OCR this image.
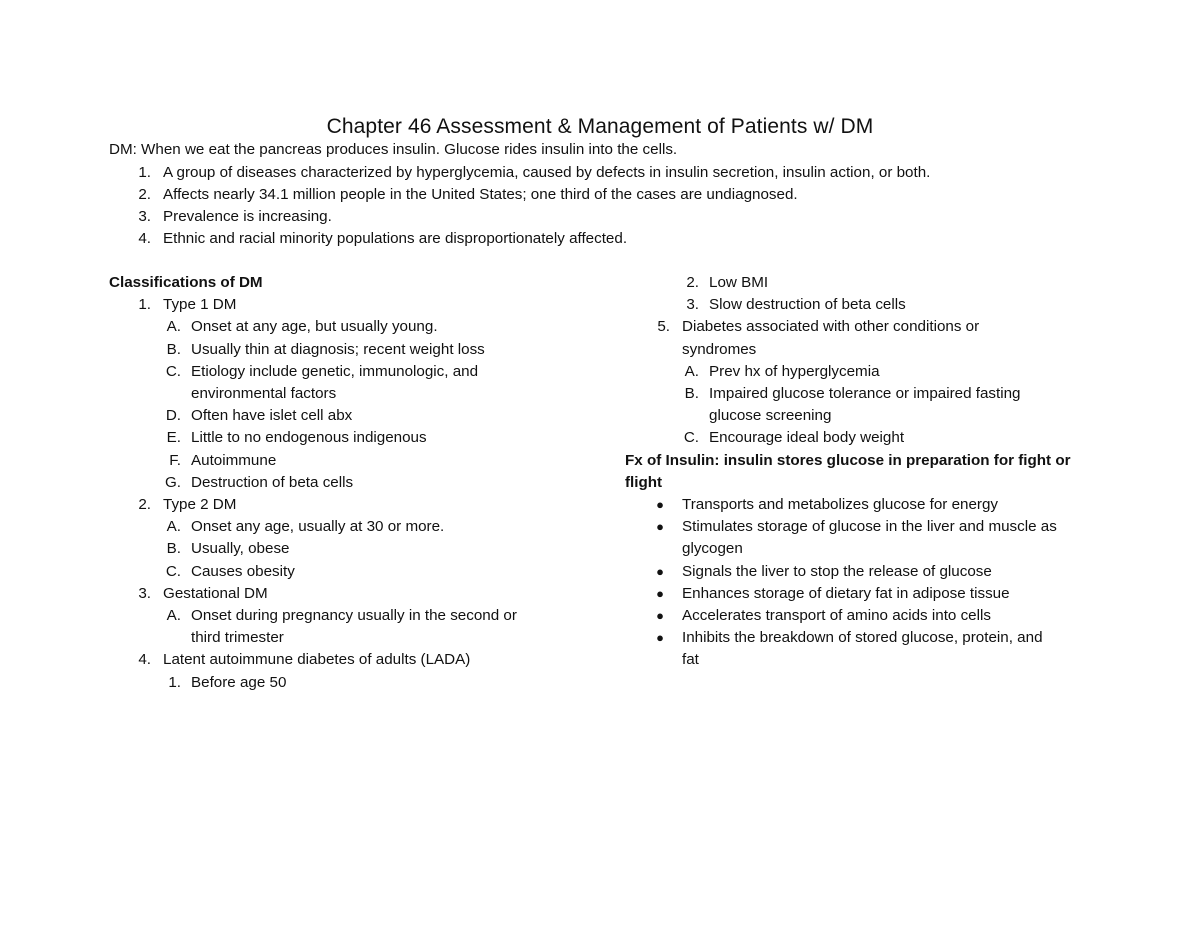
Chapter 46 Assessment & Management of Patients w/ DM
DM: When we eat the pancreas produces insulin. Glucose rides insulin into the cells.
1. A group of diseases characterized by hyperglycemia, caused by defects in insulin secretion, insulin action, or both.
2. Affects nearly 34.1 million people in the United States; one third of the cases are undiagnosed.
3. Prevalence is increasing.
4. Ethnic and racial minority populations are disproportionately affected.
Classifications of DM
1. Type 1 DM
A. Onset at any age, but usually young.
B. Usually thin at diagnosis; recent weight loss
C. Etiology include genetic, immunologic, and
environmental factors
D. Often have islet cell abx
E. Little to no endogenous indigenous
F. Autoimmune
G. Destruction of beta cells
2. Type 2 DM
A. Onset any age, usually at 30 or more.
B. Usually, obese
C. Causes obesity
3. Gestational DM
A. Onset during pregnancy usually in the second or
third trimester
4. Latent autoimmune diabetes of adults (LADA)
1. Before age 50
2. Low BMI
3. Slow destruction of beta cells
5. Diabetes associated with other conditions or
syndromes
A. Prev hx of hyperglycemia
B. Impaired glucose tolerance or impaired fasting
glucose screening
C. Encourage ideal body weight
Fx of Insulin: insulin stores glucose in preparation for fight or
flight
● Transports and metabolizes glucose for energy
● Stimulates storage of glucose in the liver and muscle as
glycogen
● Signals the liver to stop the release of glucose
● Enhances storage of dietary fat in adipose tissue
● Accelerates transport of amino acids into cells
● Inhibits the breakdown of stored glucose, protein, and
fat
